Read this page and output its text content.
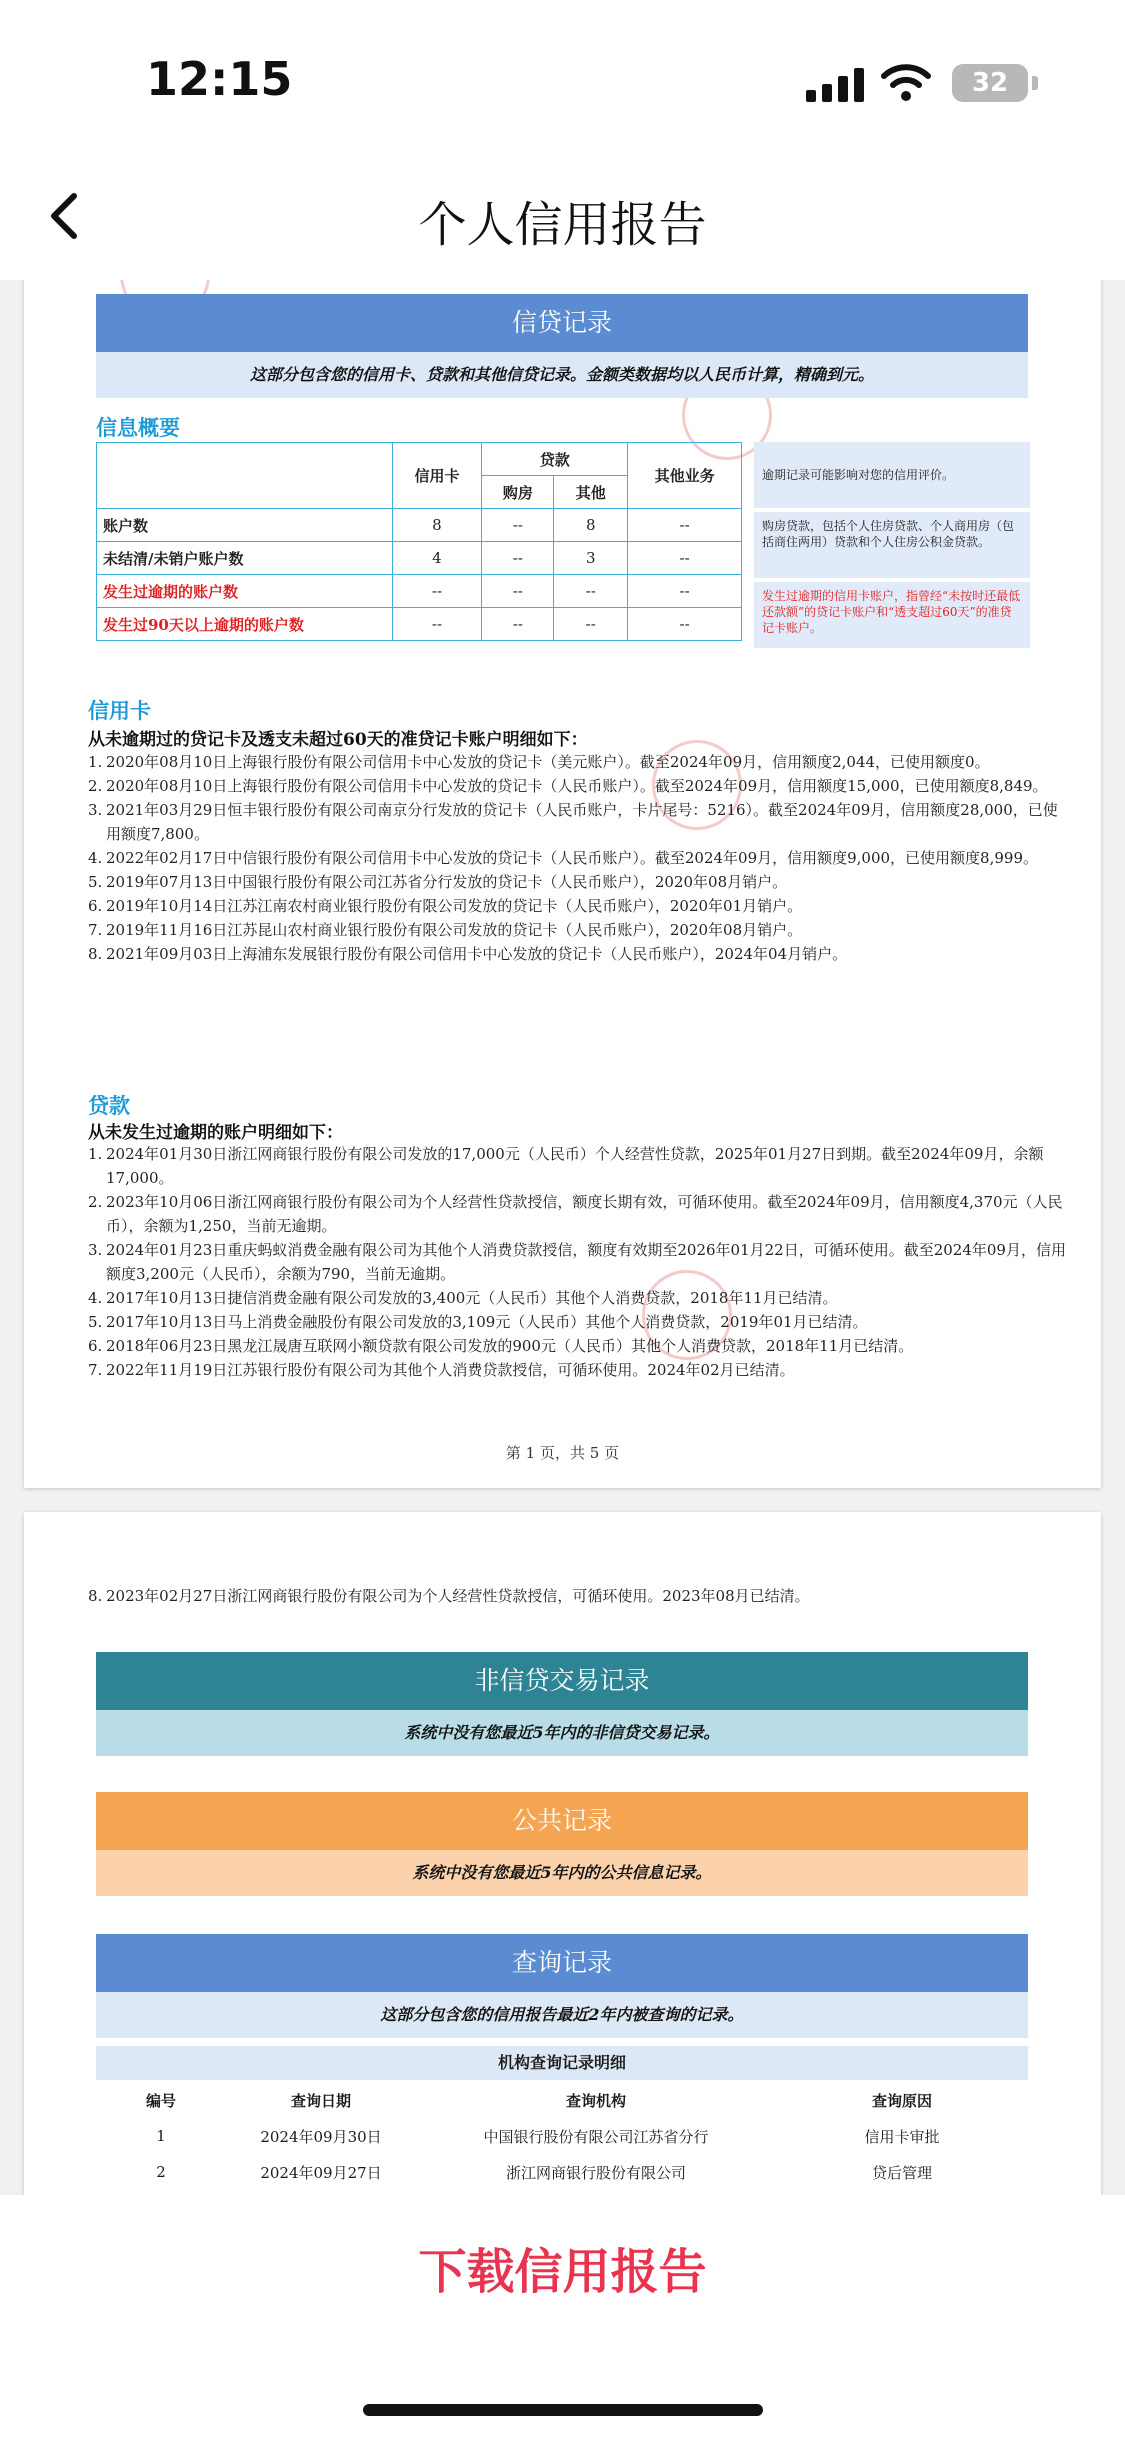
12:15	32
个人信用报告
信贷记录
这部分包含您的信用卡、贷款和其他信贷记录。金额类数据均以人民币计算，精确到元。
信息概要
	信用卡	贷款		其他业务
		购房	其他	
账户数	8	--	8	--
未结清/未销户账户数	4	--	3	--
发生过逾期的账户数	--	--	--	--
发生过90天以上逾期的账户数	--	--	--	--
逾期记录可能影响对您的信用评价。
购房贷款，包括个人住房贷款、个人商用房（包括商住两用）贷款和个人住房公积金贷款。
发生过逾期的信用卡账户，指曾经“未按时还最低还款额”的贷记卡账户和“透支超过60天”的准贷记卡账户。
信用卡
从未逾期过的贷记卡及透支未超过60天的准贷记卡账户明细如下：
1. 2020年08月10日上海银行股份有限公司信用卡中心发放的贷记卡（美元账户）。截至2024年09月，信用额度2,044，已使用额度0。
2. 2020年08月10日上海银行股份有限公司信用卡中心发放的贷记卡（人民币账户）。截至2024年09月，信用额度15,000，已使用额度8,849。
3. 2021年03月29日恒丰银行股份有限公司南京分行发放的贷记卡（人民币账户，卡片尾号：5216）。截至2024年09月，信用额度28,000，已使用额度7,800。
4. 2022年02月17日中信银行股份有限公司信用卡中心发放的贷记卡（人民币账户）。截至2024年09月，信用额度9,000，已使用额度8,999。
5. 2019年07月13日中国银行股份有限公司江苏省分行发放的贷记卡（人民币账户），2020年08月销户。
6. 2019年10月14日江苏江南农村商业银行股份有限公司发放的贷记卡（人民币账户），2020年01月销户。
7. 2019年11月16日江苏昆山农村商业银行股份有限公司发放的贷记卡（人民币账户），2020年08月销户。
8. 2021年09月03日上海浦东发展银行股份有限公司信用卡中心发放的贷记卡（人民币账户），2024年04月销户。
贷款
从未发生过逾期的账户明细如下：
1. 2024年01月30日浙江网商银行股份有限公司发放的17,000元（人民币）个人经营性贷款，2025年01月27日到期。截至2024年09月，余额17,000。
2. 2023年10月06日浙江网商银行股份有限公司为个人经营性贷款授信，额度长期有效，可循环使用。截至2024年09月，信用额度4,370元（人民币），余额为1,250，当前无逾期。
3. 2024年01月23日重庆蚂蚁消费金融有限公司为其他个人消费贷款授信，额度有效期至2026年01月22日，可循环使用。截至2024年09月，信用额度3,200元（人民币），余额为790，当前无逾期。
4. 2017年10月13日捷信消费金融有限公司发放的3,400元（人民币）其他个人消费贷款，2018年11月已结清。
5. 2017年10月13日马上消费金融股份有限公司发放的3,109元（人民币）其他个人消费贷款，2019年01月已结清。
6. 2018年06月23日黑龙江晟唐互联网小额贷款有限公司发放的900元（人民币）其他个人消费贷款，2018年11月已结清。
7. 2022年11月19日江苏银行股份有限公司为其他个人消费贷款授信，可循环使用。2024年02月已结清。
第 1 页，共 5 页
8. 2023年02月27日浙江网商银行股份有限公司为个人经营性贷款授信，可循环使用。2023年08月已结清。
非信贷交易记录
系统中没有您最近5年内的非信贷交易记录。
公共记录
系统中没有您最近5年内的公共信息记录。
查询记录
这部分包含您的信用报告最近2年内被查询的记录。
机构查询记录明细
编号	查询日期	查询机构	查询原因
1	2024年09月30日	中国银行股份有限公司江苏省分行	信用卡审批
2	2024年09月27日	浙江网商银行股份有限公司	贷后管理
下载信用报告
